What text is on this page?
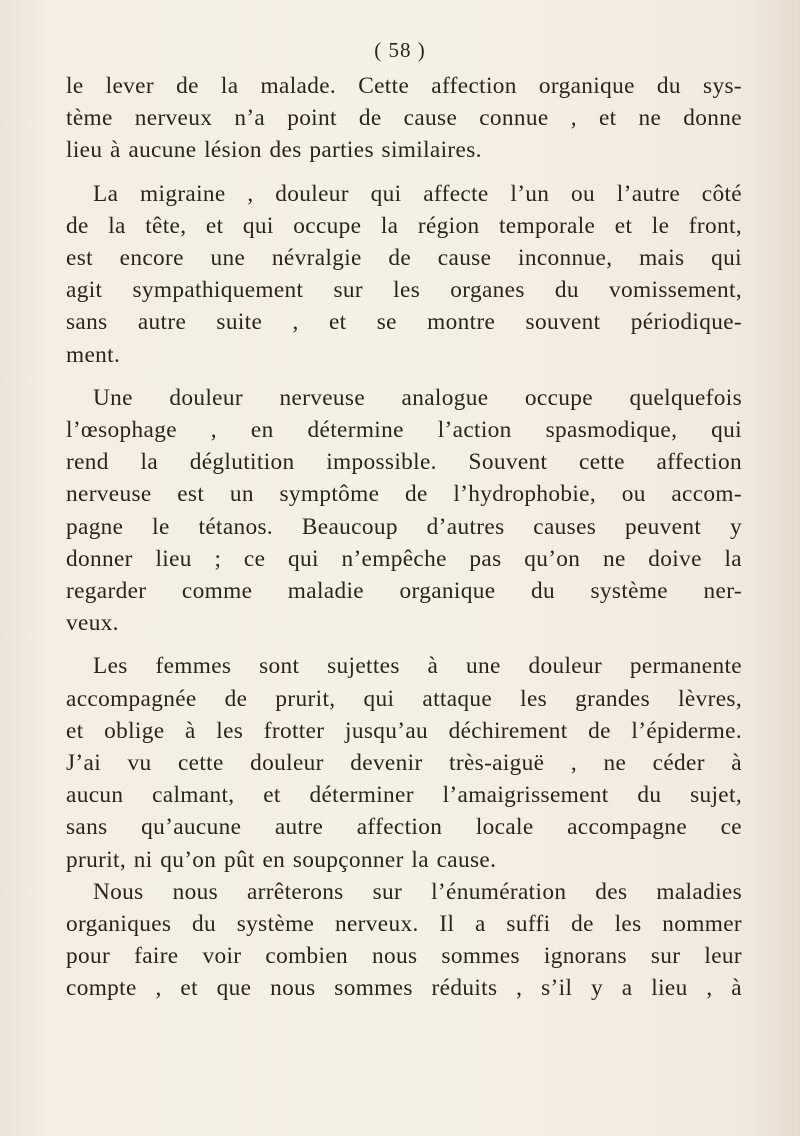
( 58 )
le lever de la malade. Cette affection organique du sys-
tème nerveux n’a point de cause connue , et ne donne
lieu à aucune lésion des parties similaires.
La migraine , douleur qui affecte l’un ou l’autre côté
de la tête, et qui occupe la région temporale et le front,
est encore une névralgie de cause inconnue, mais qui
agit sympathiquement sur les organes du vomissement,
sans autre suite , et se montre souvent périodique-
ment.
Une douleur nerveuse analogue occupe quelquefois
l’œsophage , en détermine l’action spasmodique, qui
rend la déglutition impossible. Souvent cette affection
nerveuse est un symptôme de l’hydrophobie, ou accom-
pagne le tétanos. Beaucoup d’autres causes peuvent y
donner lieu ; ce qui n’empêche pas qu’on ne doive la
regarder comme maladie organique du système ner-
veux.
Les femmes sont sujettes à une douleur permanente
accompagnée de prurit, qui attaque les grandes lèvres,
et oblige à les frotter jusqu’au déchirement de l’épiderme.
J’ai vu cette douleur devenir très-aiguë , ne céder à
aucun calmant, et déterminer l’amaigrissement du sujet,
sans qu’aucune autre affection locale accompagne ce
prurit, ni qu’on pût en soupçonner la cause.
Nous nous arrêterons sur l’énumération des maladies
organiques du système nerveux. Il a suffi de les nommer
pour faire voir combien nous sommes ignorans sur leur
compte , et que nous sommes réduits , s’il y a lieu , à
